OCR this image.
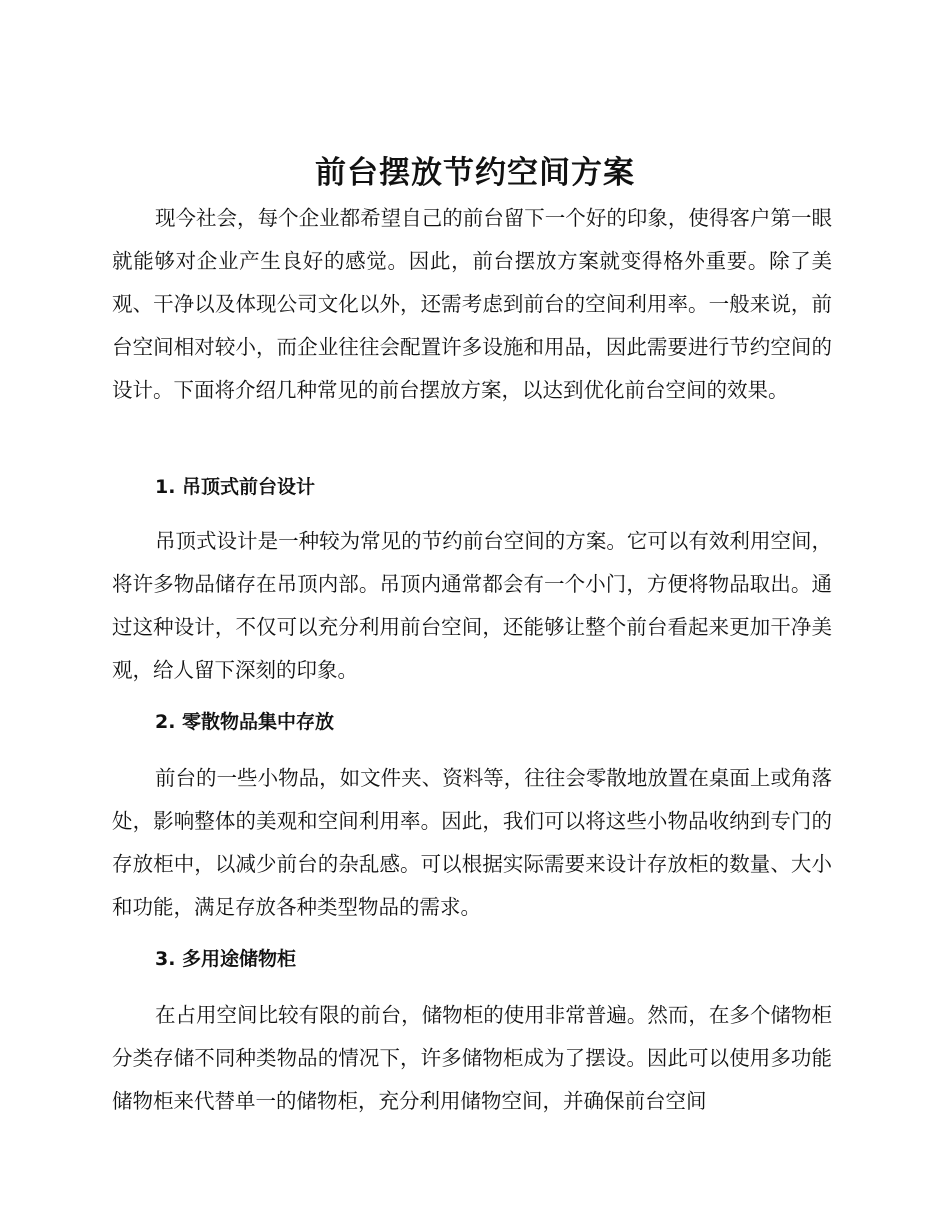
前台摆放节约空间方案

现今社会，每个企业都希望自己的前台留下一个好的印象，使得客户第一眼就能够对企业产生良好的感觉。因此，前台摆放方案就变得格外重要。除了美观、干净以及体现公司文化以外，还需考虑到前台的空间利用率。一般来说，前台空间相对较小，而企业往往会配置许多设施和用品，因此需要进行节约空间的设计。下面将介绍几种常见的前台摆放方案，以达到优化前台空间的效果。

1. 吊顶式前台设计

吊顶式设计是一种较为常见的节约前台空间的方案。它可以有效利用空间，将许多物品储存在吊顶内部。吊顶内通常都会有一个小门，方便将物品取出。通过这种设计，不仅可以充分利用前台空间，还能够让整个前台看起来更加干净美观，给人留下深刻的印象。

2. 零散物品集中存放

前台的一些小物品，如文件夹、资料等，往往会零散地放置在桌面上或角落处，影响整体的美观和空间利用率。因此，我们可以将这些小物品收纳到专门的存放柜中，以减少前台的杂乱感。可以根据实际需要来设计存放柜的数量、大小和功能，满足存放各种类型物品的需求。

3. 多用途储物柜

在占用空间比较有限的前台，储物柜的使用非常普遍。然而，在多个储物柜分类存储不同种类物品的情况下，许多储物柜成为了摆设。因此可以使用多功能储物柜来代替单一的储物柜，充分利用储物空间，并确保前台空间
